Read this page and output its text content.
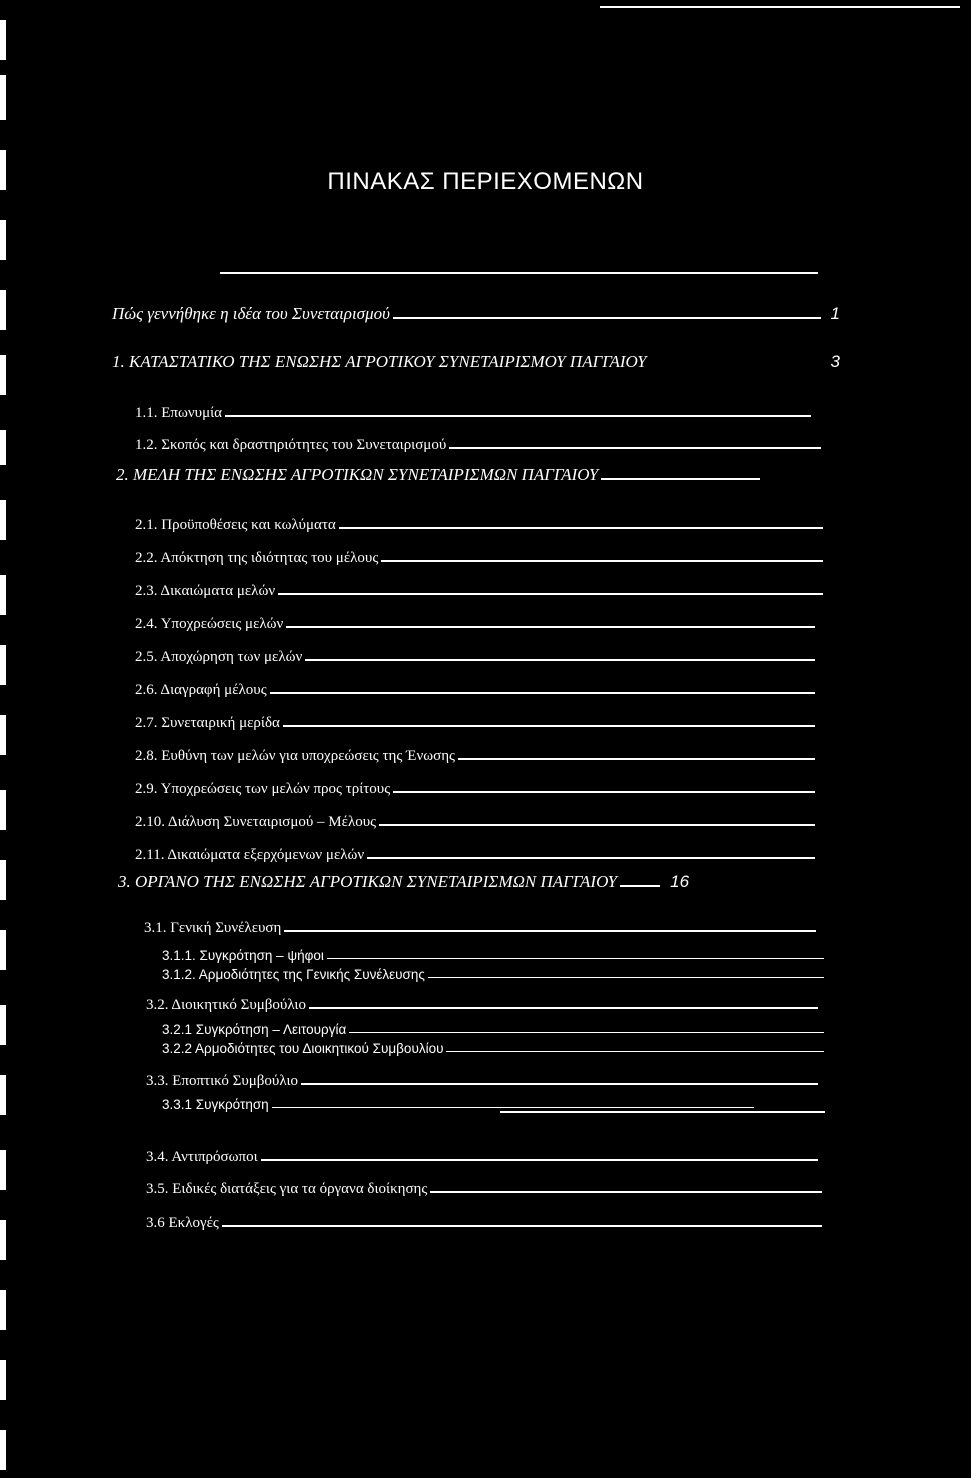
ΠΙΝΑΚΑΣ ΠΕΡΙΕΧΟΜΕΝΩΝ
Πώς γεννήθηκε η ιδέα του Συνεταιρισμού	1
1. ΚΑΤΑΣΤΑΤΙΚΟ ΤΗΣ ΕΝΩΣΗΣ ΑΓΡΟΤΙΚΟΥ ΣΥΝΕΤΑΙΡΙΣΜΟΥ ΠΑΓΓΑΙΟΥ	3
1.1. Επωνυμία
1.2. Σκοπός και δραστηριότητες του Συνεταιρισμού
2. ΜΕΛΗ ΤΗΣ ΕΝΩΣΗΣ ΑΓΡΟΤΙΚΩΝ ΣΥΝΕΤΑΙΡΙΣΜΩΝ ΠΑΓΓΑΙΟΥ
2.1. Προϋποθέσεις και κωλύματα
2.2. Απόκτηση της ιδιότητας του μέλους
2.3. Δικαιώματα μελών
2.4. Υποχρεώσεις μελών
2.5. Αποχώρηση των μελών
2.6. Διαγραφή μέλους
2.7. Συνεταιρική μερίδα
2.8. Ευθύνη των μελών για υποχρεώσεις της Ένωσης
2.9. Υποχρεώσεις των μελών προς τρίτους
2.10. Διάλυση Συνεταιρισμού – Μέλους
2.11. Δικαιώματα εξερχόμενων μελών
3. ΟΡΓΑΝΟ ΤΗΣ ΕΝΩΣΗΣ ΑΓΡΟΤΙΚΩΝ ΣΥΝΕΤΑΙΡΙΣΜΩΝ ΠΑΓΓΑΙΟΥ	16
3.1. Γενική Συνέλευση
3.1.1. Συγκρότηση – ψήφοι
3.1.2. Αρμοδιότητες της Γενικής Συνέλευσης
3.2. Διοικητικό Συμβούλιο
3.2.1 Συγκρότηση – Λειτουργία
3.2.2 Αρμοδιότητες του Διοικητικού Συμβουλίου
3.3. Εποπτικό Συμβούλιο
3.3.1 Συγκρότηση
3.4. Αντιπρόσωποι
3.5. Ειδικές διατάξεις για τα όργανα διοίκησης
3.6 Εκλογές
